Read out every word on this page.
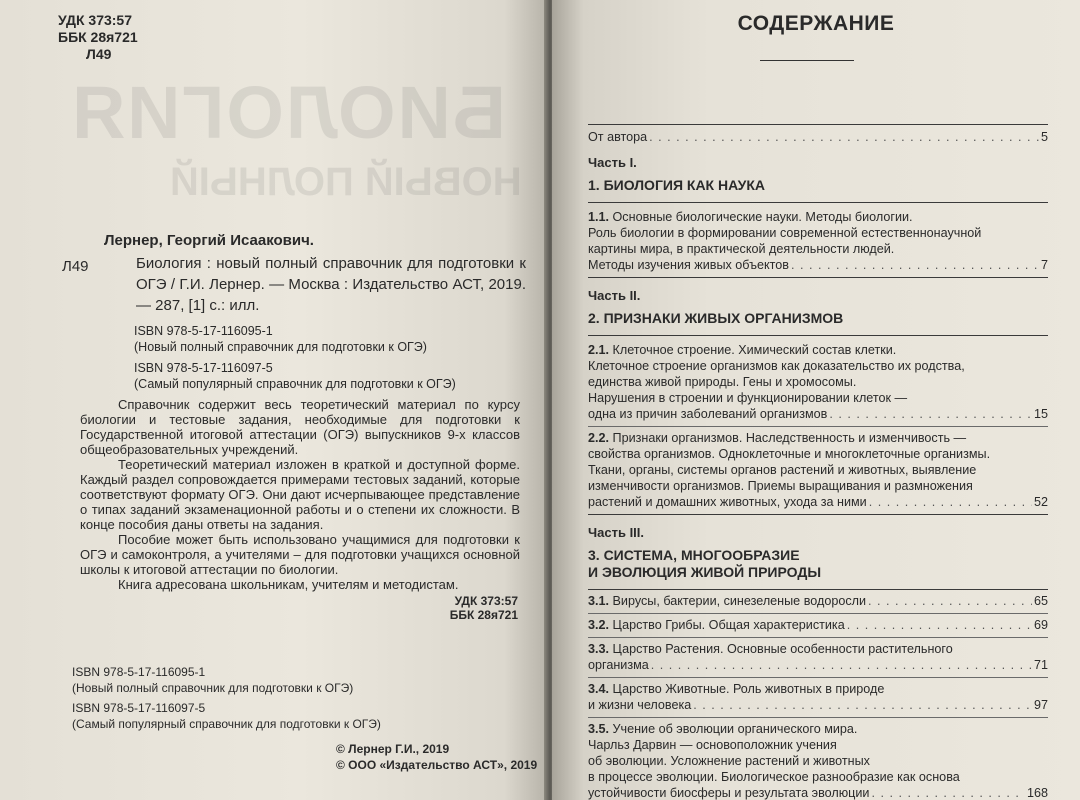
БИОЛОГИЯ
НОВЫЙ ПОЛНЫЙ
УДК 373:57
ББК 28я721
Л49
Лернер, Георгий Исаакович.
Л49	Биология : новый полный справочник для подготовки к ОГЭ / Г.И. Лернер. — Москва : Издательство АСТ, 2019. — 287, [1] с.: илл.
ISBN 978-5-17-116095-1
(Новый полный справочник для подготовки к ОГЭ)
ISBN 978-5-17-116097-5
(Самый популярный справочник для подготовки к ОГЭ)

Справочник содержит весь теоретический материал по курсу биологии и тестовые задания, необходимые для подготовки к Государственной итоговой аттестации (ОГЭ) выпускников 9-х классов общеобразовательных учреждений.

Теоретический материал изложен в краткой и доступной форме. Каждый раздел сопровождается примерами тестовых заданий, которые соответствуют формату ОГЭ. Они дают исчерпывающее представление о типах заданий экзаменационной работы и о степени их сложности. В конце пособия даны ответы на задания.

Пособие может быть использовано учащимися для подготовки к ОГЭ и самоконтроля, а учителями – для подготовки учащихся основной школы к итоговой аттестации по биологии.

Книга адресована школьникам, учителям и методистам.

УДК 373:57
ББК 28я721
ISBN 978-5-17-116095-1
(Новый полный справочник для подготовки к ОГЭ)
ISBN 978-5-17-116097-5
(Самый популярный справочник для подготовки к ОГЭ)
© Лернер Г.И., 2019
© ООО «Издательство АСТ», 2019
СОДЕРЖАНИЕ
От автора . . .	5
Часть I.
1. БИОЛОГИЯ КАК НАУКА
1.1. Основные биологические науки. Методы биологии.
Роль биологии в формировании современной естественнонаучной
картины мира, в практической деятельности людей.
Методы изучения живых объектов . . .	7
Часть II.
2. ПРИЗНАКИ ЖИВЫХ ОРГАНИЗМОВ
2.1. Клеточное строение. Химический состав клетки.
Клеточное строение организмов как доказательство их родства,
единства живой природы. Гены и хромосомы.
Нарушения в строении и функционировании клеток —
одна из причин заболеваний организмов . . .	15
2.2. Признаки организмов. Наследственность и изменчивость —
свойства организмов. Одноклеточные и многоклеточные организмы.
Ткани, органы, системы органов растений и животных, выявление
изменчивости организмов. Приемы выращивания и размножения
растений и домашних животных, ухода за ними . . .	52
Часть III.
3. СИСТЕМА, МНОГООБРАЗИЕ
И ЭВОЛЮЦИЯ ЖИВОЙ ПРИРОДЫ
3.1. Вирусы, бактерии, синезеленые водоросли . . .	65
3.2. Царство Грибы. Общая характеристика . . .	69
3.3. Царство Растения. Основные особенности растительного
организма . . .	71
3.4. Царство Животные. Роль животных в природе
и жизни человека . . .	97
3.5. Учение об эволюции органического мира.
Чарльз Дарвин — основоположник учения
об эволюции. Усложнение растений и животных
в процессе эволюции. Биологическое разнообразие как основа
устойчивости биосферы и результата эволюции . . .	168
